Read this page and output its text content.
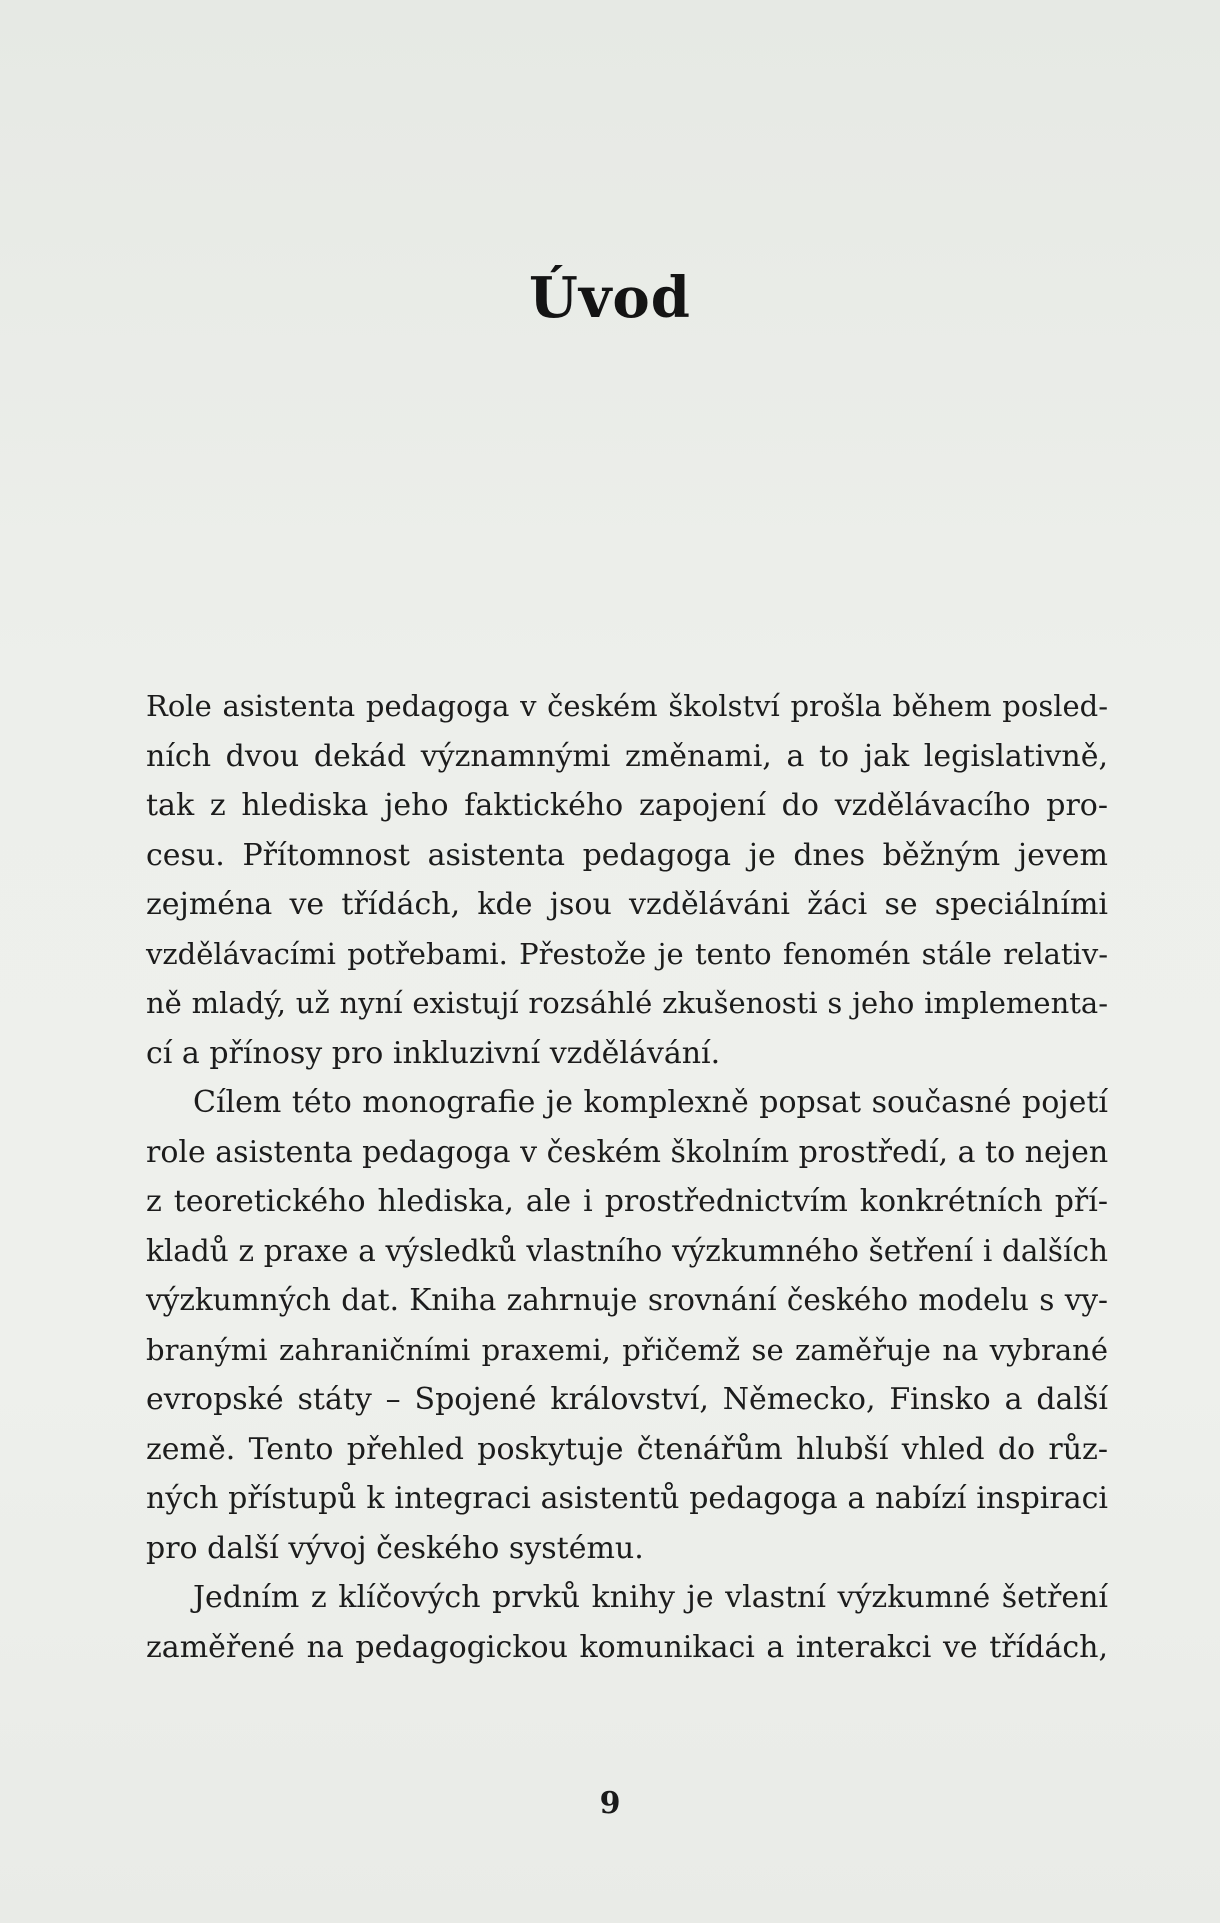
Úvod
Role asistenta pedagoga v českém školství prošla během posled-
ních dvou dekád významnými změnami, a to jak legislativně,
tak z hlediska jeho faktického zapojení do vzdělávacího pro-
cesu. Přítomnost asistenta pedagoga je dnes běžným jevem
zejména ve třídách, kde jsou vzděláváni žáci se speciálními
vzdělávacími potřebami. Přestože je tento fenomén stále relativ-
ně mladý, už nyní existují rozsáhlé zkušenosti s jeho implementa-
cí a přínosy pro inkluzivní vzdělávání.
Cílem této monografie je komplexně popsat současné pojetí
role asistenta pedagoga v českém školním prostředí, a to nejen
z teoretického hlediska, ale i prostřednictvím konkrétních pří-
kladů z praxe a výsledků vlastního výzkumného šetření i dalších
výzkumných dat. Kniha zahrnuje srovnání českého modelu s vy-
branými zahraničními praxemi, přičemž se zaměřuje na vybrané
evropské státy – Spojené království, Německo, Finsko a další
země. Tento přehled poskytuje čtenářům hlubší vhled do růz-
ných přístupů k integraci asistentů pedagoga a nabízí inspiraci
pro další vývoj českého systému.
Jedním z klíčových prvků knihy je vlastní výzkumné šetření
zaměřené na pedagogickou komunikaci a interakci ve třídách,
9
